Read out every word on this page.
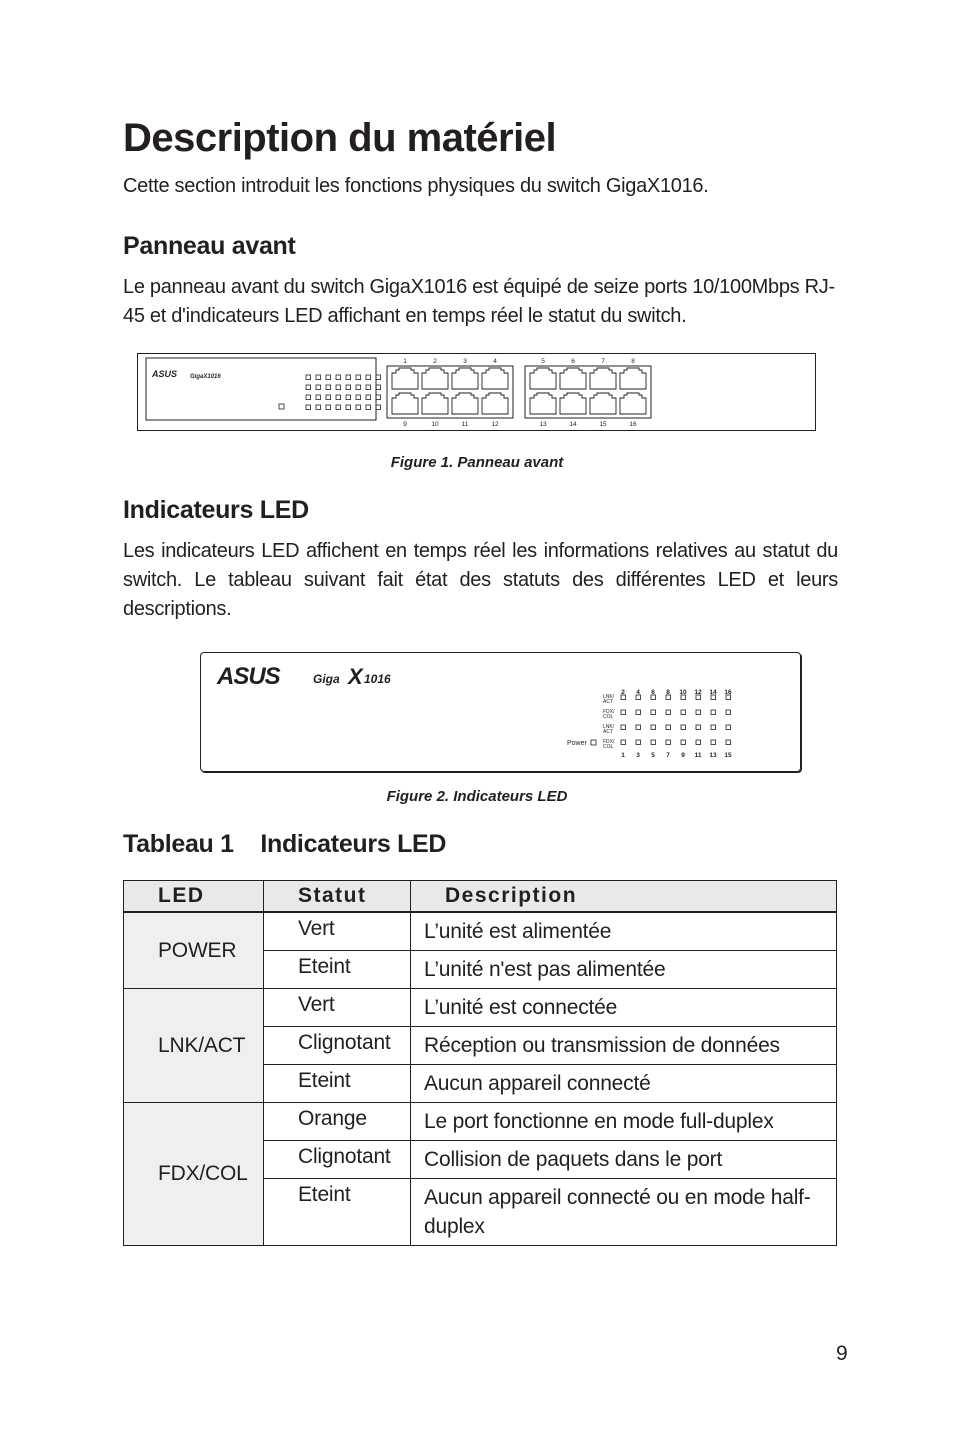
Description du matériel

Cette section introduit les fonctions physiques du switch GigaX1016.

Panneau avant

Le panneau avant du switch GigaX1016 est équipé de seize ports 10/100Mbps RJ-45 et d'indicateurs LED affichant en temps réel le statut du switch.

ASUS GigaX1016
1
9
2
10
3
11
4
12
5
13
6
14
7
15
8
16
Figure 1. Panneau avant
Indicateurs LED

Les indicateurs LED affichent en temps réel les informations relatives au statut du switch. Le tableau suivant fait état des statuts des différentes LED et leurs descriptions.

ASUS	Giga X 1016
2
1
4
3
6
5
8
7
10
9
12
11
14
13
16
15
LNK/
ACT
FDX/
COL
LNK/
ACT
FDX/
COL
Power
Figure 2. Indicateurs LED
Tableau 1    Indicateurs LED
LED	Statut	Description
POWER	Vert	L’unité est alimentée
	Eteint	L’unité n'est pas alimentée
LNK/ACT	Vert	L’unité est connectée
	Clignotant	Réception ou transmission de données
	Eteint	Aucun appareil connecté
FDX/COL	Orange	Le port fonctionne en mode full-duplex
	Clignotant	Collision de paquets dans le port
	Eteint	Aucun appareil connecté ou en mode half-duplex
9
